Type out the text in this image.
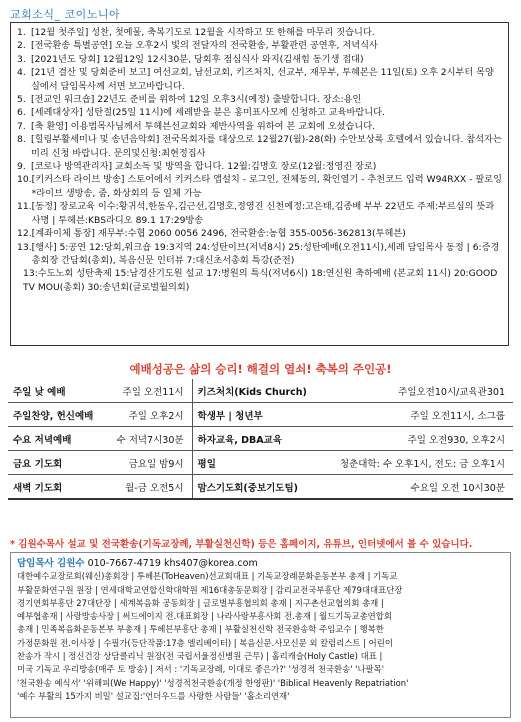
교회소식_ 코이노니아
1. [12월 첫주일] 성찬, 첫예물, 축복기도로 12월을 시작하고 또 한해를 마무리 짓습니다.
2. [전국환송 특별공연] 오늘 오후2시 빛의 전달자의 전국환송, 부활관련 공연후, 저녁식사
3. [2021년도 당회] 12월12일 12시30분, 당회후 점심식사 와지(김새힘 동기생 접대)
4. [21년 결산 및 당회준비 보고] 여선교회, 남선교회, 키즈처치, 선교부, 재무부, 투혜본은 11일(토) 오후 2시부터 목양실에서 담임목사께 서면 보고바랍니다.
5. [전교인 워크숍] 22년도 준비를 위하여 12일 오후3시(예정) 출발합니다. 장소:용인
6. [세례대상자] 성탄절(25일 11시)에 세례받을 분은 홍미표사모께 신청하고 교육바랍니다.
7. [축 환영] 이용범목사님께서 투헤븐선교회와 제반사역을 위하여 본 교회에 오셨습니다.
8. [힐링부활세미나 및 송년음악회] 전국목회자를 대상으로 12월27(월)-28(화) 수안보상록 호텔에서 있습니다. 참석자는 미리 신청 바랍니다. 문의및신청:최현정집사
9. [코로나 방역관리자] 교회소독 및 방역을 합니다. 12월:김명호 장로(12월:정영진 장로)
10. [키커스타 라이브 방송] 스토어에서 키커스타 앱설치 - 로그인, 전체동의, 확인열기 - 추천코드 입력 W94RXX - 팔로잉 *라이브 생방송, 줌, 화상회의 등 일체 가능
11. [동정] 장로교육 이수:황귀석,한동우,김근선,김명호,정영진 신천예정:고은태,김종배 부부 22년도 주제:부르심의 뜻과사명 | 투헤븐:KBS라디오 89.1 17:29방송
12. [계좌이체 통장] 재무부:수협 2060 0056 2496, 전국환송:농협 355-0056-362813(투헤븐)
13. [행사] 5:공연 12:당회,워크숍 19:3지역 24:성탄이브(저녁8시) 25:성탄예배(오전11시),세례 담임목사 동정 | 6:증경총회장 간담회(총회), 복음신문 인터뷰 7:대신초서총회 특강(준전)
13:수도노회 성탄축제 15:남경산기도원 설교 17:병원의 특식(저녁6시) 18:연신원 축하예배 (본교회 11시) 20:GOOD TV MOU(총회) 30:송년회(글로벌월의회)
예배성공은 삶의 승리! 해결의 열쇠! 축복의 주인공!
주일 낮 예배	주일 오전11시	키즈처치(Kids Church)	주일오전10시/교육관301
주일찬양, 헌신예배	주일 오후2시	학생부 | 청년부	주일 오전11시, 소그룹
수요 저녁예배	수 저녁7시30분	하자교육, DBA교육	주일 오전930, 오후2시
금요 기도회	금요일 밤9시	평일	청춘대학: 수 오후1시, 전도: 금 오후1시
새벽 기도회	월-금 오전5시	맘스기도회(중보기도팀)	수요일 오전 10시30분
* 김원수목사 설교 및 전국환송(기독교장례, 부활실천신학) 등은 홈페이지, 유튜브, 인터넷에서 볼 수 있습니다.
담임목사 김원수 010-7667-4719 khs407@korea.com
대한예수교장로회(웨신)총회장 | 투헤븐(ToHeaven)선교회대표 | 기독교장례문화운동본부 총재 | 기독교
부활문화연구원 원장 | 연세대학교연합신학대학원 제16대총동문회장 | 감리교전국부흥단 제79대대표단장
경기연회부흥단 27대단장 | 세계복음화 공동회장 | 글로벌부흥협의회 총재 | 지구촌선교협의회 총재 |
예부협총재 | 사랑방송사장 | 써드에이지 전.대표회장 | 나라사랑부흥사회 전.총재 | 월드기독교총연합회
총재 | 민족복음화운동본부 부총재 | 투헤븐부흥단 총재 | 부활실천신학 전국환송학 주임교수 | 행복한
가정문화원 전.이사장 | 수필가(등단작품:17층 엘리베이터) | 복음신문.사모신문 외 칼럼리스트 | 어린이
찬송가 작시 | 정신건강 상담클리닉 원장(전 국립서울정신병원 근무) | 홀리캐슬(Holy Castle) 대표 |
미국 기독교 우리방송(매주 토 방송) | 저서 : '기독교장례, 이대로 좋은가?' '성경적 천국환송' '나팔목'
'천국환송 예식서' '위해피(We Happy)' '성경적천국환송(개정 한영판)' 'Biblical Heavenly Repatriation'
'예수 부활의 15가지 비밀' 설교집:'언더우드를 사랑한 사람들' '홀소리연재'
